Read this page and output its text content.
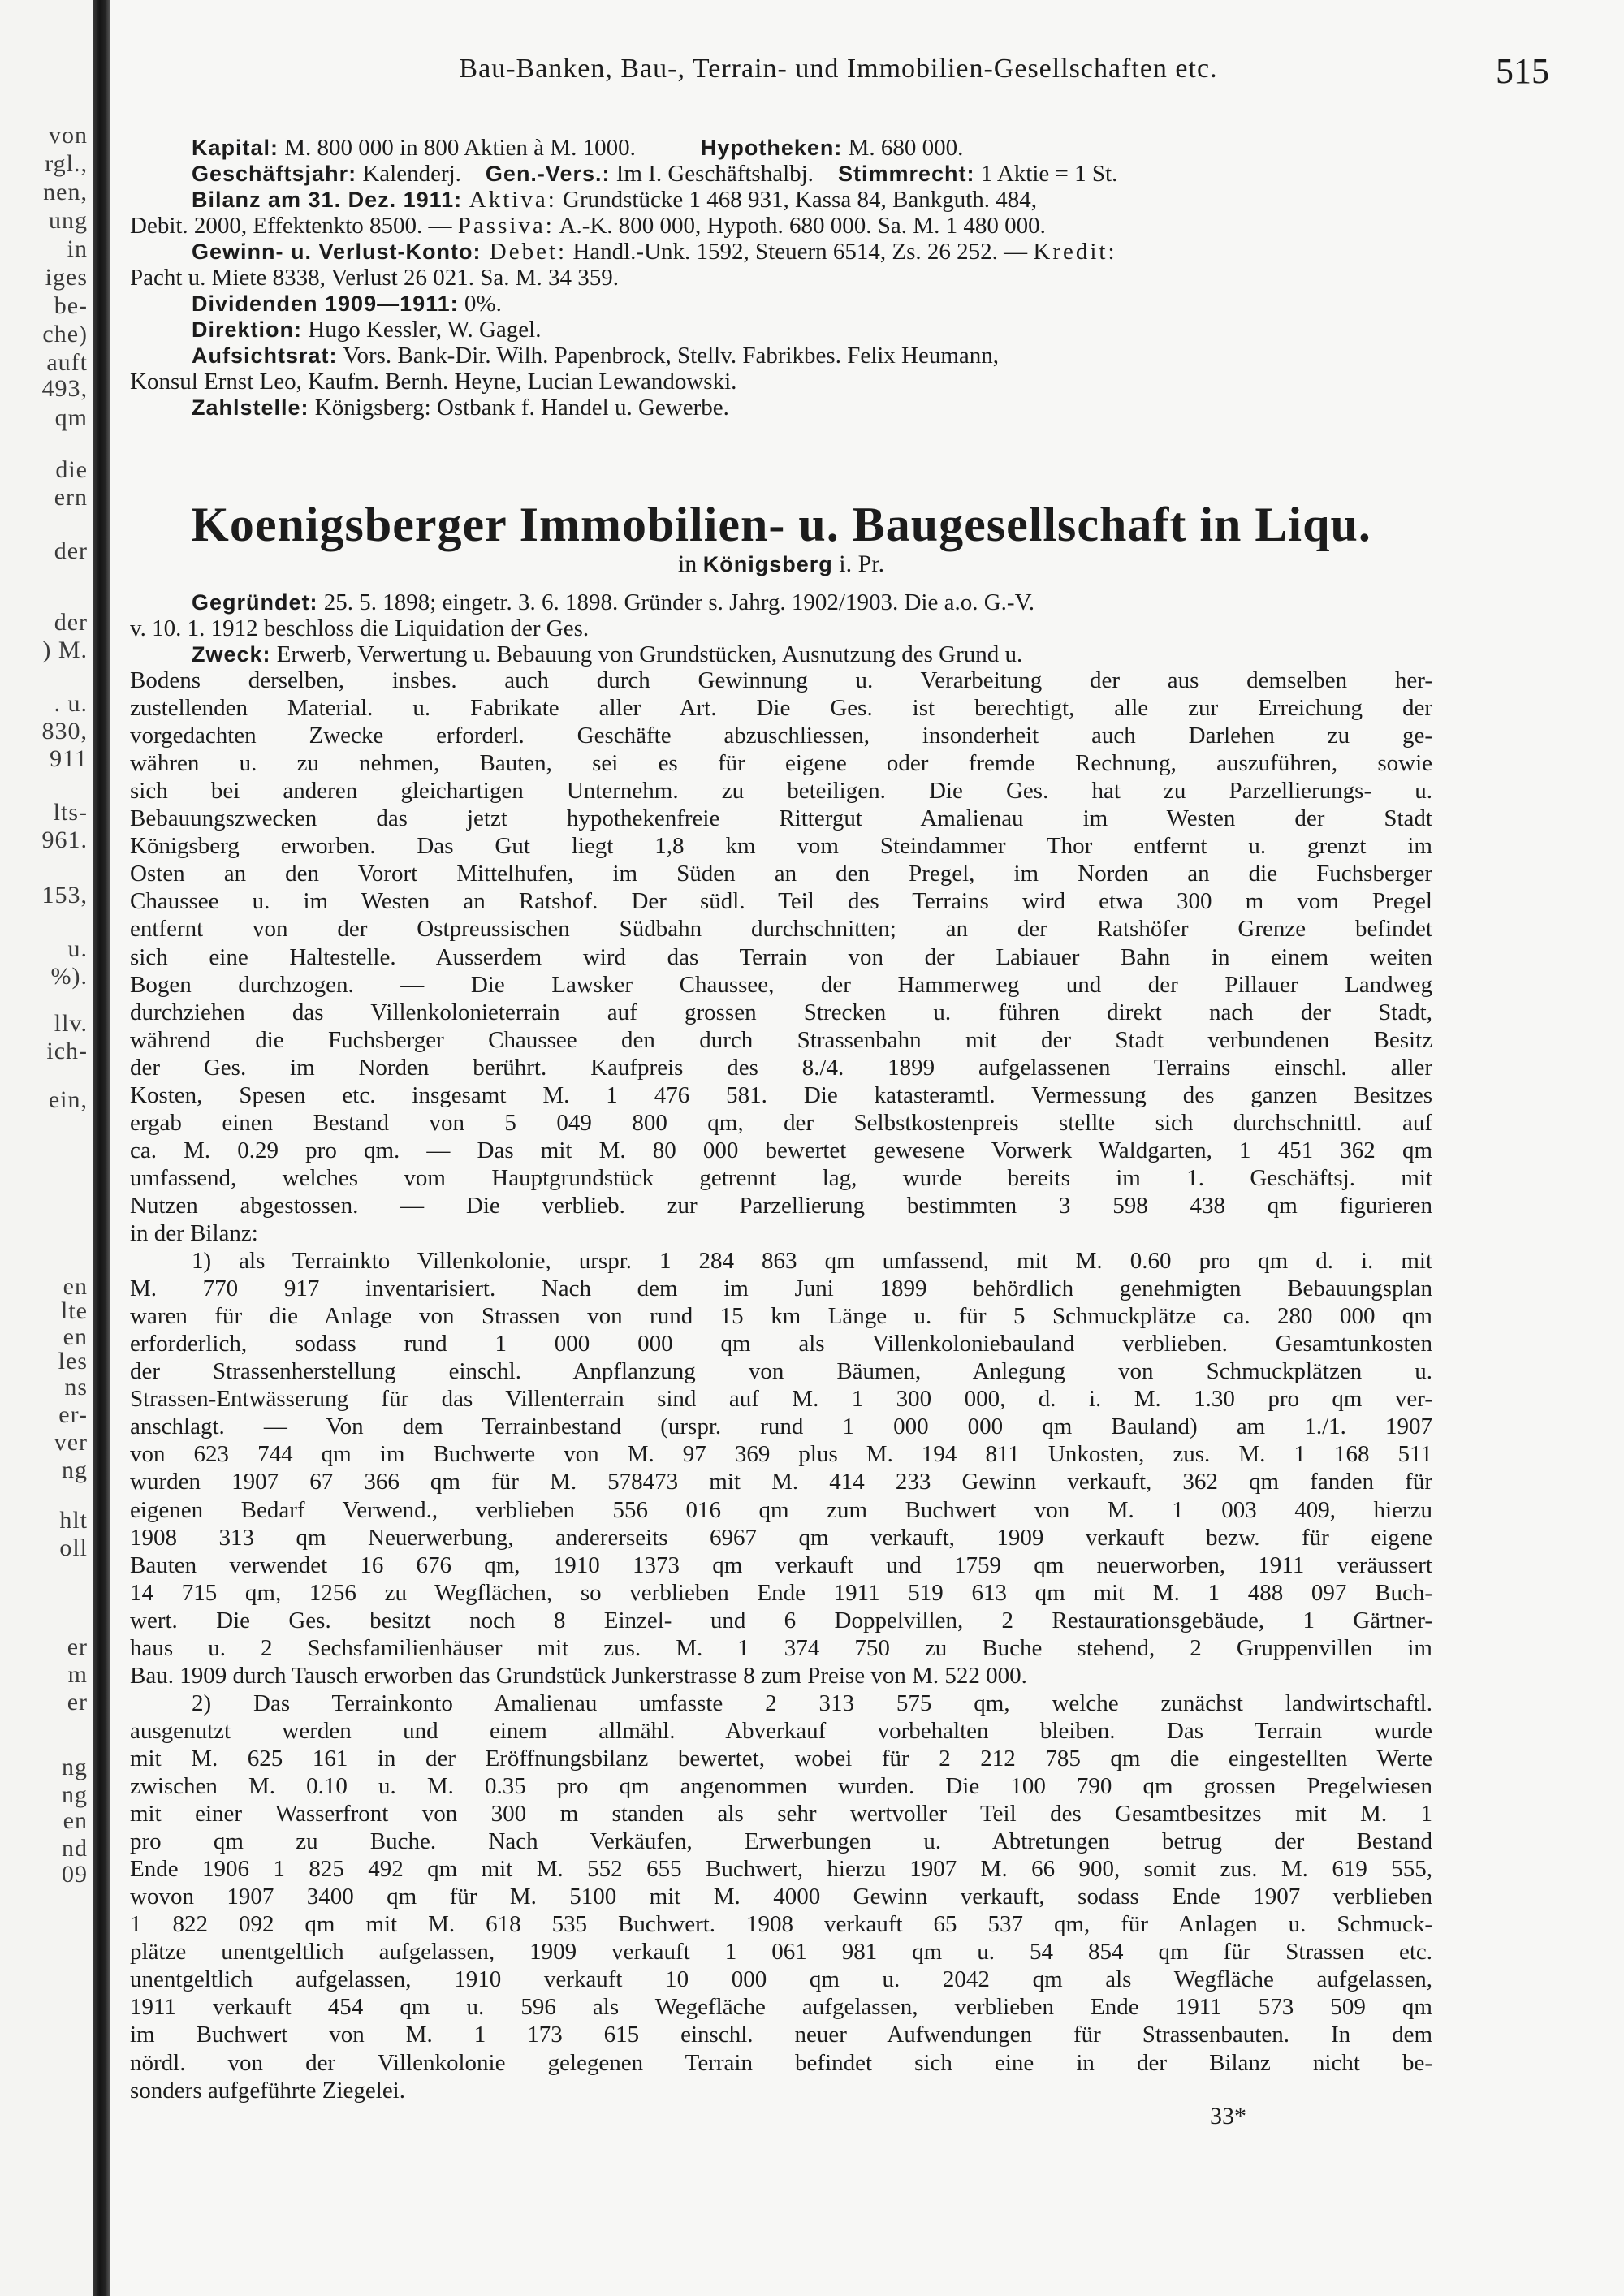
von
rgl.,
nen,
ung
in
iges
be-
che)
auft
493,
qm
die
ern
der
der
) M.
. u.
830,
911
lts-
961.
153,
u.
%).
llv.
ich-
ein,
en
lte
en
les
ns
er-
ver
ng
hlt
oll
er
m
er
ng
ng
en
nd
09
Bau-Banken, Bau-, Terrain- und Immobilien-Gesellschaften etc.	515
Kapital: M. 800 000 in 800 Aktien à M. 1000.	Hypotheken: M. 680 000.
Geschäftsjahr: Kalenderj. Gen.-Vers.: Im I. Geschäftshalbj. Stimmrecht: 1 Aktie = 1 St.
Bilanz am 31. Dez. 1911: Aktiva: Grundstücke 1 468 931, Kassa 84, Bankguth. 484,
Debit. 2000, Effektenkto 8500. — Passiva: A.-K. 800 000, Hypoth. 680 000. Sa. M. 1 480 000.
Gewinn- u. Verlust-Konto: Debet: Handl.-Unk. 1592, Steuern 6514, Zs. 26 252. — Kredit:
Pacht u. Miete 8338, Verlust 26 021. Sa. M. 34 359.
Dividenden 1909—1911: 0%.
Direktion: Hugo Kessler, W. Gagel.
Aufsichtsrat: Vors. Bank-Dir. Wilh. Papenbrock, Stellv. Fabrikbes. Felix Heumann,
Konsul Ernst Leo, Kaufm. Bernh. Heyne, Lucian Lewandowski.
Zahlstelle: Königsberg: Ostbank f. Handel u. Gewerbe.
Koenigsberger Immobilien- u. Baugesellschaft in Liqu.
in Königsberg i. Pr.
Gegründet: 25. 5. 1898; eingetr. 3. 6. 1898. Gründer s. Jahrg. 1902/1903. Die a.o. G.-V.
v. 10. 1. 1912 beschloss die Liquidation der Ges.
Zweck: Erwerb, Verwertung u. Bebauung von Grundstücken, Ausnutzung des Grund u.
Bodens derselben, insbes. auch durch Gewinnung u. Verarbeitung der aus demselben her-
zustellenden Material. u. Fabrikate aller Art. Die Ges. ist berechtigt, alle zur Erreichung der
vorgedachten Zwecke erforderl. Geschäfte abzuschliessen, insonderheit auch Darlehen zu ge-
währen u. zu nehmen, Bauten, sei es für eigene oder fremde Rechnung, auszuführen, sowie
sich bei anderen gleichartigen Unternehm. zu beteiligen. Die Ges. hat zu Parzellierungs- u.
Bebauungszwecken das jetzt hypothekenfreie Rittergut Amalienau im Westen der Stadt
Königsberg erworben. Das Gut liegt 1,8 km vom Steindammer Thor entfernt u. grenzt im
Osten an den Vorort Mittelhufen, im Süden an den Pregel, im Norden an die Fuchsberger
Chaussee u. im Westen an Ratshof. Der südl. Teil des Terrains wird etwa 300 m vom Pregel
entfernt von der Ostpreussischen Südbahn durchschnitten; an der Ratshöfer Grenze befindet
sich eine Haltestelle. Ausserdem wird das Terrain von der Labiauer Bahn in einem weiten
Bogen durchzogen. — Die Lawsker Chaussee, der Hammerweg und der Pillauer Landweg
durchziehen das Villenkolonieterrain auf grossen Strecken u. führen direkt nach der Stadt,
während die Fuchsberger Chaussee den durch Strassenbahn mit der Stadt verbundenen Besitz
der Ges. im Norden berührt. Kaufpreis des 8./4. 1899 aufgelassenen Terrains einschl. aller
Kosten, Spesen etc. insgesamt M. 1 476 581. Die katasteramtl. Vermessung des ganzen Besitzes
ergab einen Bestand von 5 049 800 qm, der Selbstkostenpreis stellte sich durchschnittl. auf
ca. M. 0.29 pro qm. — Das mit M. 80 000 bewertet gewesene Vorwerk Waldgarten, 1 451 362 qm
umfassend, welches vom Hauptgrundstück getrennt lag, wurde bereits im 1. Geschäftsj. mit
Nutzen abgestossen. — Die verblieb. zur Parzellierung bestimmten 3 598 438 qm figurieren
in der Bilanz:
1) als Terrainkto Villenkolonie, urspr. 1 284 863 qm umfassend, mit M. 0.60 pro qm d. i. mit
M. 770 917 inventarisiert. Nach dem im Juni 1899 behördlich genehmigten Bebauungsplan
waren für die Anlage von Strassen von rund 15 km Länge u. für 5 Schmuckplätze ca. 280 000 qm
erforderlich, sodass rund 1 000 000 qm als Villenkoloniebauland verblieben. Gesamtunkosten
der Strassenherstellung einschl. Anpflanzung von Bäumen, Anlegung von Schmuckplätzen u.
Strassen-Entwässerung für das Villenterrain sind auf M. 1 300 000, d. i. M. 1.30 pro qm ver-
anschlagt. — Von dem Terrainbestand (urspr. rund 1 000 000 qm Bauland) am 1./1. 1907
von 623 744 qm im Buchwerte von M. 97 369 plus M. 194 811 Unkosten, zus. M. 1 168 511
wurden 1907 67 366 qm für M. 578473 mit M. 414 233 Gewinn verkauft, 362 qm fanden für
eigenen Bedarf Verwend., verblieben 556 016 qm zum Buchwert von M. 1 003 409, hierzu
1908 313 qm Neuerwerbung, andererseits 6967 qm verkauft, 1909 verkauft bezw. für eigene
Bauten verwendet 16 676 qm, 1910 1373 qm verkauft und 1759 qm neuerworben, 1911 veräussert
14 715 qm, 1256 zu Wegflächen, so verblieben Ende 1911 519 613 qm mit M. 1 488 097 Buch-
wert. Die Ges. besitzt noch 8 Einzel- und 6 Doppelvillen, 2 Restaurationsgebäude, 1 Gärtner-
haus u. 2 Sechsfamilienhäuser mit zus. M. 1 374 750 zu Buche stehend, 2 Gruppenvillen im
Bau. 1909 durch Tausch erworben das Grundstück Junkerstrasse 8 zum Preise von M. 522 000.
2) Das Terrainkonto Amalienau umfasste 2 313 575 qm, welche zunächst landwirtschaftl.
ausgenutzt werden und einem allmähl. Abverkauf vorbehalten bleiben. Das Terrain wurde
mit M. 625 161 in der Eröffnungsbilanz bewertet, wobei für 2 212 785 qm die eingestellten Werte
zwischen M. 0.10 u. M. 0.35 pro qm angenommen wurden. Die 100 790 qm grossen Pregelwiesen
mit einer Wasserfront von 300 m standen als sehr wertvoller Teil des Gesamtbesitzes mit M. 1
pro qm zu Buche. Nach Verkäufen, Erwerbungen u. Abtretungen betrug der Bestand
Ende 1906 1 825 492 qm mit M. 552 655 Buchwert, hierzu 1907 M. 66 900, somit zus. M. 619 555,
wovon 1907 3400 qm für M. 5100 mit M. 4000 Gewinn verkauft, sodass Ende 1907 verblieben
1 822 092 qm mit M. 618 535 Buchwert. 1908 verkauft 65 537 qm, für Anlagen u. Schmuck-
plätze unentgeltlich aufgelassen, 1909 verkauft 1 061 981 qm u. 54 854 qm für Strassen etc.
unentgeltlich aufgelassen, 1910 verkauft 10 000 qm u. 2042 qm als Wegfläche aufgelassen,
1911 verkauft 454 qm u. 596 als Wegefläche aufgelassen, verblieben Ende 1911 573 509 qm
im Buchwert von M. 1 173 615 einschl. neuer Aufwendungen für Strassenbauten. In dem
nördl. von der Villenkolonie gelegenen Terrain befindet sich eine in der Bilanz nicht be-
sonders aufgeführte Ziegelei.
33*
